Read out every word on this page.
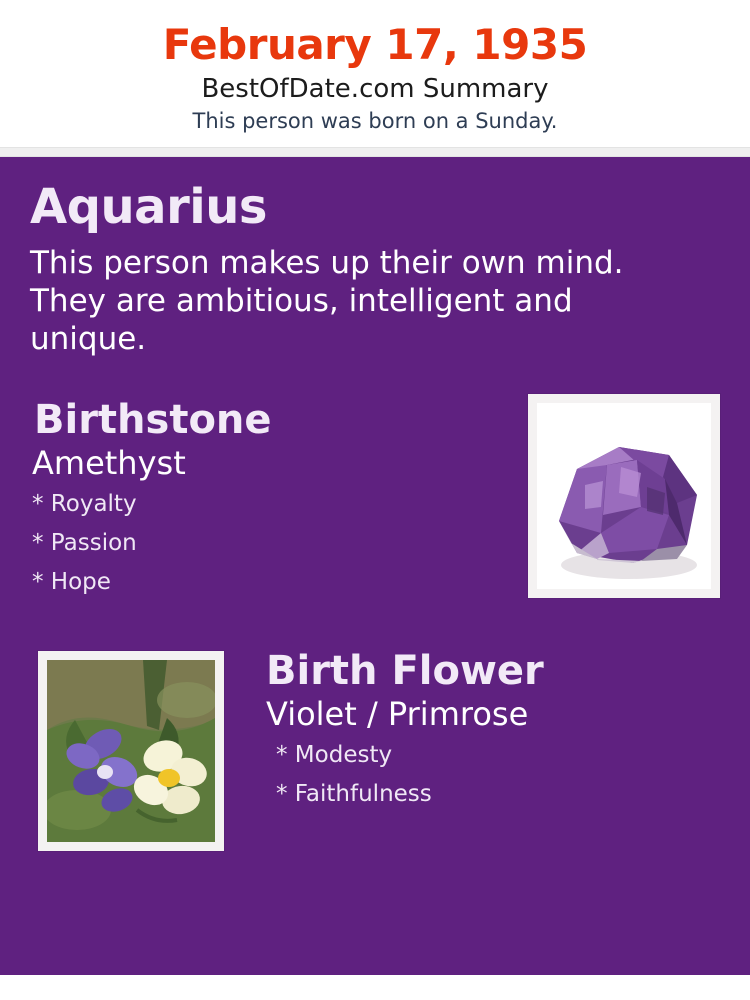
February 17, 1935
BestOfDate.com Summary
This person was born on a Sunday.
Aquarius
This person makes up their own mind. They are ambitious, intelligent and unique.
Birthstone
Amethyst
* Royalty
* Passion
* Hope
Birth Flower
Violet / Primrose
* Modesty
* Faithfulness
